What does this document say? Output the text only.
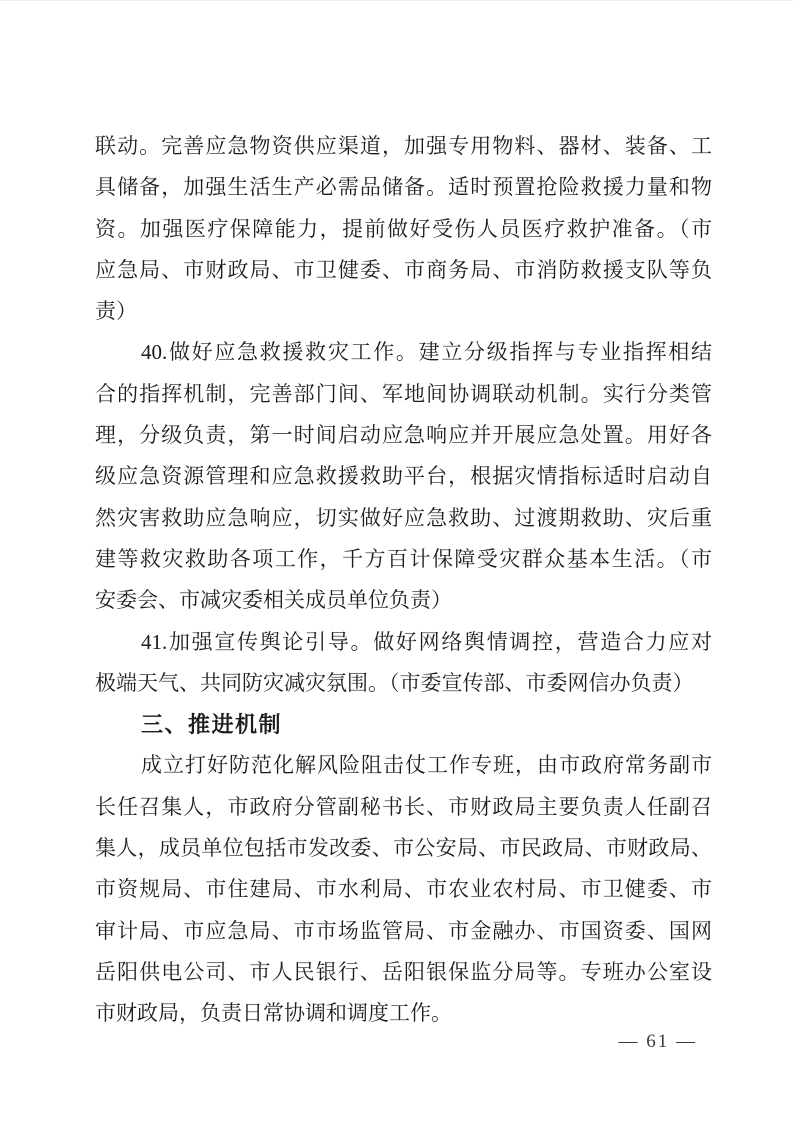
联动。完善应急物资供应渠道，加强专用物料、器材、装备、工
具储备，加强生活生产必需品储备。适时预置抢险救援力量和物
资。加强医疗保障能力，提前做好受伤人员医疗救护准备。（市
应急局、市财政局、市卫健委、市商务局、市消防救援支队等负
责）
40.做好应急救援救灾工作。建立分级指挥与专业指挥相结
合的指挥机制，完善部门间、军地间协调联动机制。实行分类管
理，分级负责，第一时间启动应急响应并开展应急处置。用好各
级应急资源管理和应急救援救助平台，根据灾情指标适时启动自
然灾害救助应急响应，切实做好应急救助、过渡期救助、灾后重
建等救灾救助各项工作，千方百计保障受灾群众基本生活。（市
安委会、市减灾委相关成员单位负责）
41.加强宣传舆论引导。做好网络舆情调控，营造合力应对
极端天气、共同防灾减灾氛围。（市委宣传部、市委网信办负责）
三、推进机制
成立打好防范化解风险阻击仗工作专班，由市政府常务副市
长任召集人，市政府分管副秘书长、市财政局主要负责人任副召
集人，成员单位包括市发改委、市公安局、市民政局、市财政局、
市资规局、市住建局、市水利局、市农业农村局、市卫健委、市
审计局、市应急局、市市场监管局、市金融办、市国资委、国网
岳阳供电公司、市人民银行、岳阳银保监分局等。专班办公室设
市财政局，负责日常协调和调度工作。
— 61 —
